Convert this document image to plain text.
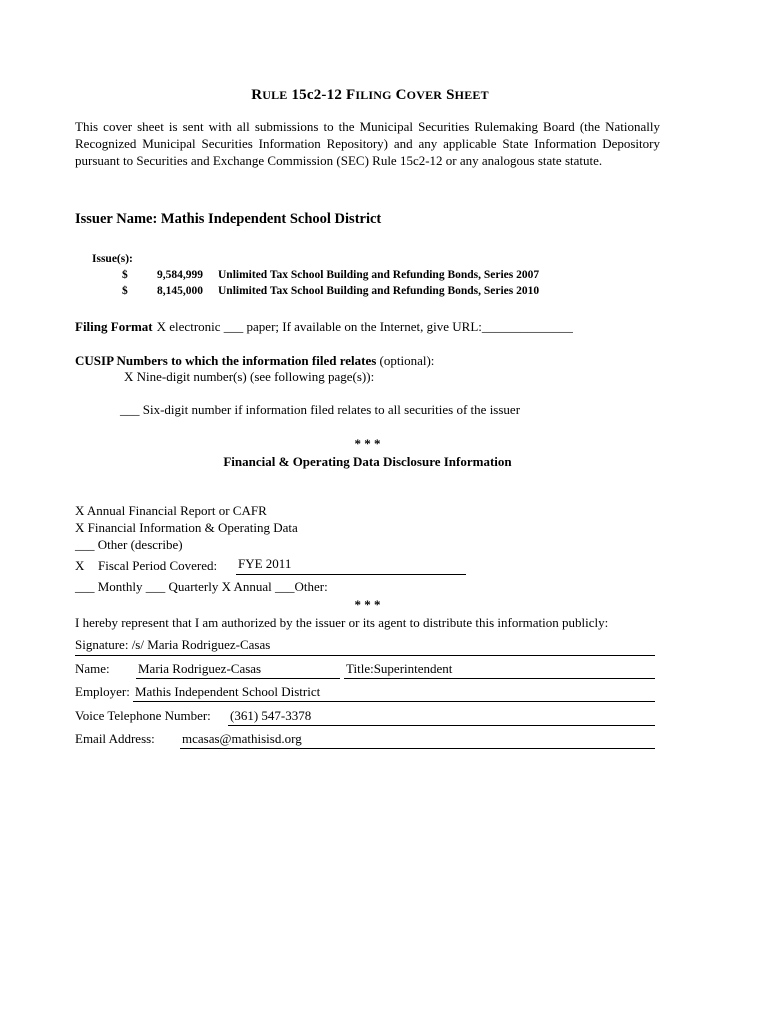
RULE 15c2-12 FILING COVER SHEET
This cover sheet is sent with all submissions to the Municipal Securities Rulemaking Board (the Nationally Recognized Municipal Securities Information Repository) and any applicable State Information Depository pursuant to Securities and Exchange Commission (SEC) Rule 15c2-12 or any analogous state statute.
Issuer Name: Mathis Independent School District
Issue(s):
$	9,584,999 Unlimited Tax School Building and Refunding Bonds, Series 2007
$	8,145,000 Unlimited Tax School Building and Refunding Bonds, Series 2010
Filing Format X electronic ___ paper; If available on the Internet, give URL:______________
CUSIP Numbers to which the information filed relates (optional):
X Nine-digit number(s) (see following page(s)):
___ Six-digit number if information filed relates to all securities of the issuer
* * *
Financial & Operating Data Disclosure Information
X Annual Financial Report or CAFR
X Financial Information & Operating Data
___ Other (describe)
X Fiscal Period Covered: FYE 2011
___ Monthly ___ Quarterly X Annual ___Other:
* * *
I hereby represent that I am authorized by the issuer or its agent to distribute this information publicly:
Signature: /s/ Maria Rodriguez-Casas
Name: Maria Rodriguez-Casas	Title:Superintendent
Employer: Mathis Independent School District
Voice Telephone Number: (361) 547-3378
Email Address: mcasas@mathisisd.org
